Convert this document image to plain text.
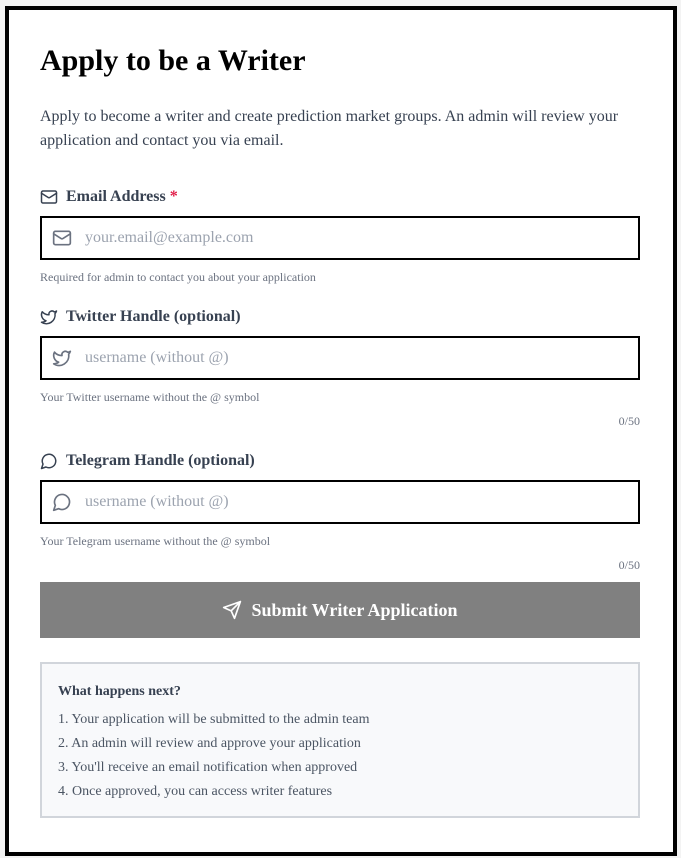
Apply to be a Writer

Apply to become a writer and create prediction market groups. An admin will review your application and contact you via email.

Email Address *
your.email@example.com
Required for admin to contact you about your application
Twitter Handle (optional)
username (without @)
Your Twitter username without the @ symbol
0/50
Telegram Handle (optional)
username (without @)
Your Telegram username without the @ symbol
0/50
Submit Writer Application
What happens next?
1. Your application will be submitted to the admin team
2. An admin will review and approve your application
3. You'll receive an email notification when approved
4. Once approved, you can access writer features
